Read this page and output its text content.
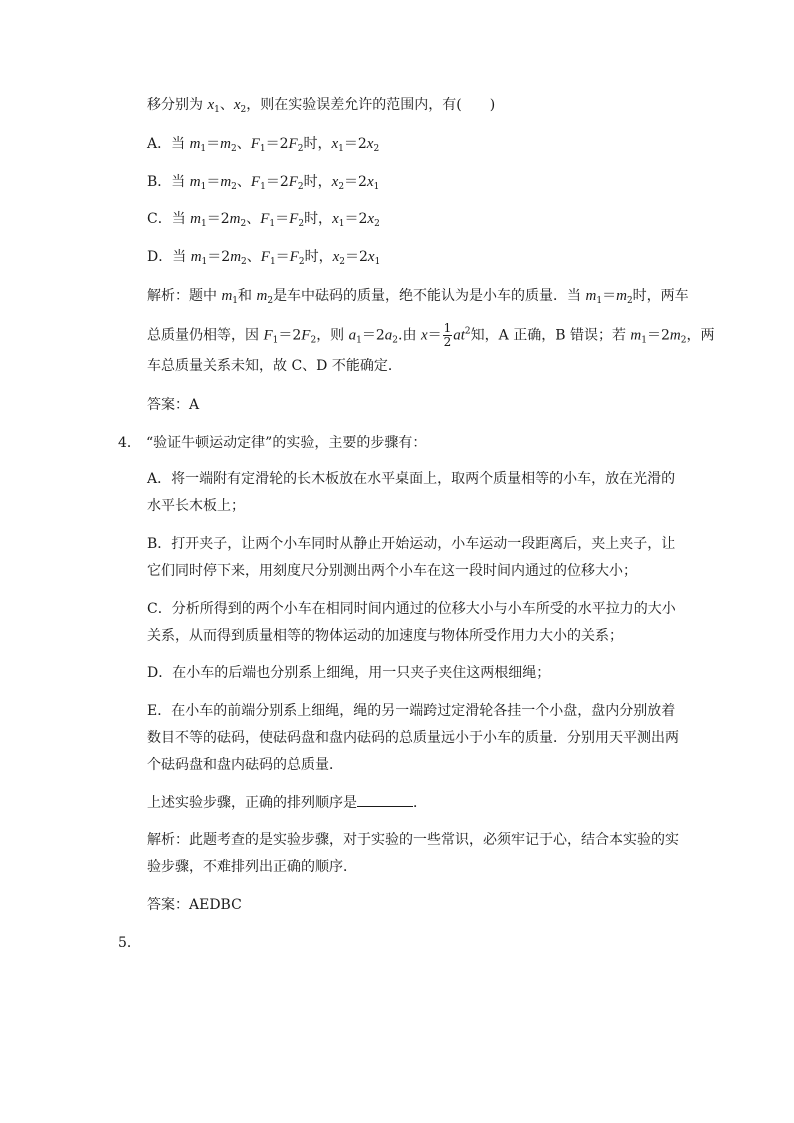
移分别为 $x_1$、$x_2$，则在实验误差允许的范围内，有(　　)
A．当 $m_1=m_2$、$F_1=2F_2$时，$x_1=2x_2$
B．当 $m_1=m_2$、$F_1=2F_2$时，$x_2=2x_1$
C．当 $m_1=2m_2$、$F_1=F_2$时，$x_1=2x_2$
D．当 $m_1=2m_2$、$F_1=F_2$时，$x_2=2x_1$
解析：题中 $m_1$和 $m_2$是车中砝码的质量，绝不能认为是小车的质量．当 $m_1=m_2$时，两车
总质量仍相等，因 $F_1=2F_2$，则 $a_1=2a_2$.由 $x= \frac{1}{2} at^2$知，A 正确，B 错误；若 $m_1=2m_2$，两
车总质量关系未知，故 C、D 不能确定．
答案：A
4． “验证牛顿运动定律”的实验，主要的步骤有：
A．将一端附有定滑轮的长木板放在水平桌面上，取两个质量相等的小车，放在光滑的
水平长木板上；
B．打开夹子，让两个小车同时从静止开始运动，小车运动一段距离后，夹上夹子，让
它们同时停下来，用刻度尺分别测出两个小车在这一段时间内通过的位移大小；
C．分析所得到的两个小车在相同时间内通过的位移大小与小车所受的水平拉力的大小
关系，从而得到质量相等的物体运动的加速度与物体所受作用力大小的关系；
D．在小车的后端也分别系上细绳，用一只夹子夹住这两根细绳；
E．在小车的前端分别系上细绳，绳的另一端跨过定滑轮各挂一个小盘，盘内分别放着
数目不等的砝码，使砝码盘和盘内砝码的总质量远小于小车的质量．分别用天平测出两
个砝码盘和盘内砝码的总质量．
上述实验步骤，正确的排列顺序是	．
解析：此题考查的是实验步骤，对于实验的一些常识，必须牢记于心，结合本实验的实
验步骤，不难排列出正确的顺序．
答案：AEDBC
5．
